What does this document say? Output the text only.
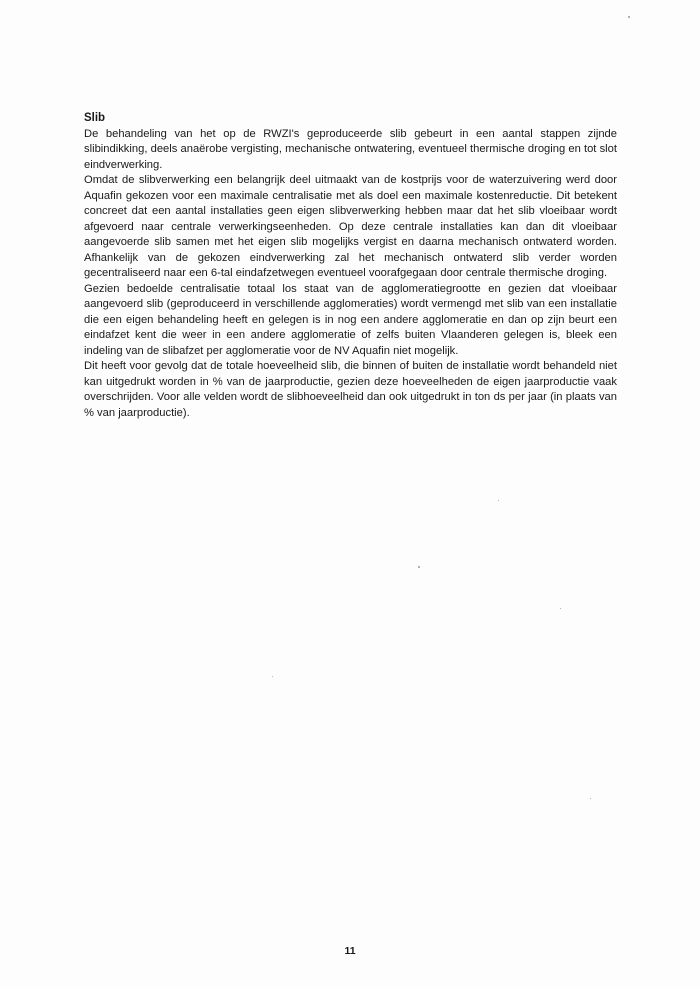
Slib

De behandeling van het op de RWZI's geproduceerde slib gebeurt in een aantal stappen zijnde slibindikking, deels anaërobe vergisting, mechanische ontwatering, eventueel thermische droging en tot slot eindverwerking.

Omdat de slibverwerking een belangrijk deel uitmaakt van de kostprijs voor de waterzuivering werd door Aquafin gekozen voor een maximale centralisatie met als doel een maximale kostenreductie. Dit betekent concreet dat een aantal installaties geen eigen slibverwerking hebben maar dat het slib vloeibaar wordt afgevoerd naar centrale verwerkingseenheden. Op deze centrale installaties kan dan dit vloeibaar aangevoerde slib samen met het eigen slib mogelijks vergist en daarna mechanisch ontwaterd worden. Afhankelijk van de gekozen eindverwerking zal het mechanisch ontwaterd slib verder worden gecentraliseerd naar een 6-tal eindafzetwegen eventueel voorafgegaan door centrale thermische droging.

Gezien bedoelde centralisatie totaal los staat van de agglomeratiegrootte en gezien dat vloeibaar aangevoerd slib (geproduceerd in verschillende agglomeraties) wordt vermengd met slib van een installatie die een eigen behandeling heeft en gelegen is in nog een andere agglomeratie en dan op zijn beurt een eindafzet kent die weer in een andere agglomeratie of zelfs buiten Vlaanderen gelegen is, bleek een indeling van de slibafzet per agglomeratie voor de NV Aquafin niet mogelijk.

Dit heeft voor gevolg dat de totale hoeveelheid slib, die binnen of buiten de installatie wordt behandeld niet kan uitgedrukt worden in % van de jaarproductie, gezien deze hoeveelheden de eigen jaarproductie vaak overschrijden. Voor alle velden wordt de slibhoeveelheid dan ook uitgedrukt in ton ds per jaar (in plaats van % van jaarproductie).

11
